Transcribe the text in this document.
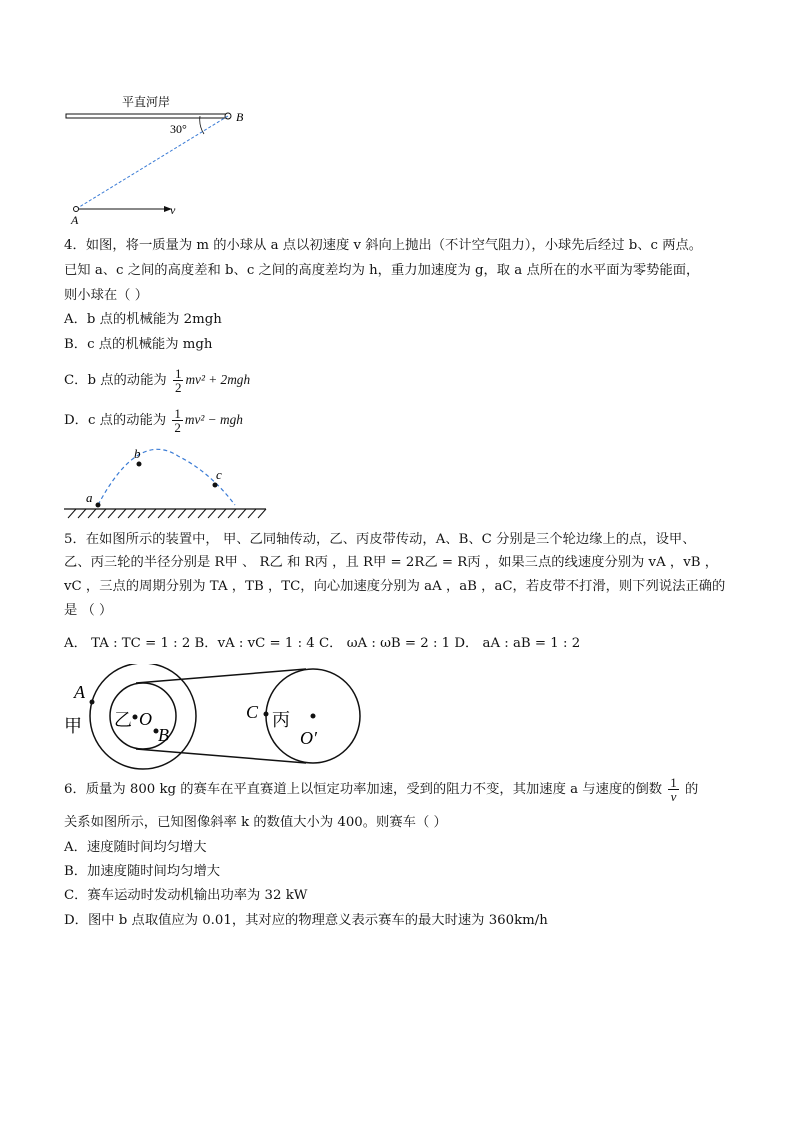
平直河岸
B
30°
v
A
4．如图，将一质量为 m 的小球从 a 点以初速度 v 斜向上抛出（不计空气阻力），小球先后经过 b、c 两点。
已知 a、c 之间的高度差和 b、c 之间的高度差均为 h，重力加速度为 g，取 a 点所在的水平面为零势能面，
则小球在（ ）
A．b 点的机械能为 2mgh
B．c 点的机械能为 mgh
C．b 点的动能为 $\frac{1}{2} mv^2 + 2mgh$
D．c 点的动能为 $\frac{1}{2} mv^2$ − mgh
a
b
c
5．在如图所示的装置中， 甲、乙同轴传动，乙、丙皮带传动，A、B、C 分别是三个轮边缘上的点，设甲、
乙、丙三轮的半径分别是 R甲 、 R乙 和 R丙 ，且 R甲 = 2R乙 = R丙 ，如果三点的线速度分别为 vA ，vB ，
vC ，三点的周期分别为 TA ，TB ，TC，向心加速度分别为 aA ，aB ，aC，若皮带不打滑，则下列说法正确的
是 （ ）
A． TA : TC = 1 : 2 B．vA : vC = 1 : 4 C． ωA : ωB = 2 : 1 D． aA : aB = 1 : 2
A
甲 乙 O
B
C 丙
O′
6．质量为 800 kg 的赛车在平直赛道上以恒定功率加速，受到的阻力不变，其加速度 a 与速度的倒数 $\frac{1}{v}$ 的
关系如图所示，已知图像斜率 k 的数值大小为 400。则赛车（ ）
A．速度随时间均匀增大
B．加速度随时间均匀增大
C．赛车运动时发动机输出功率为 32 kW
D．图中 b 点取值应为 0.01，其对应的物理意义表示赛车的最大时速为 360km/h
